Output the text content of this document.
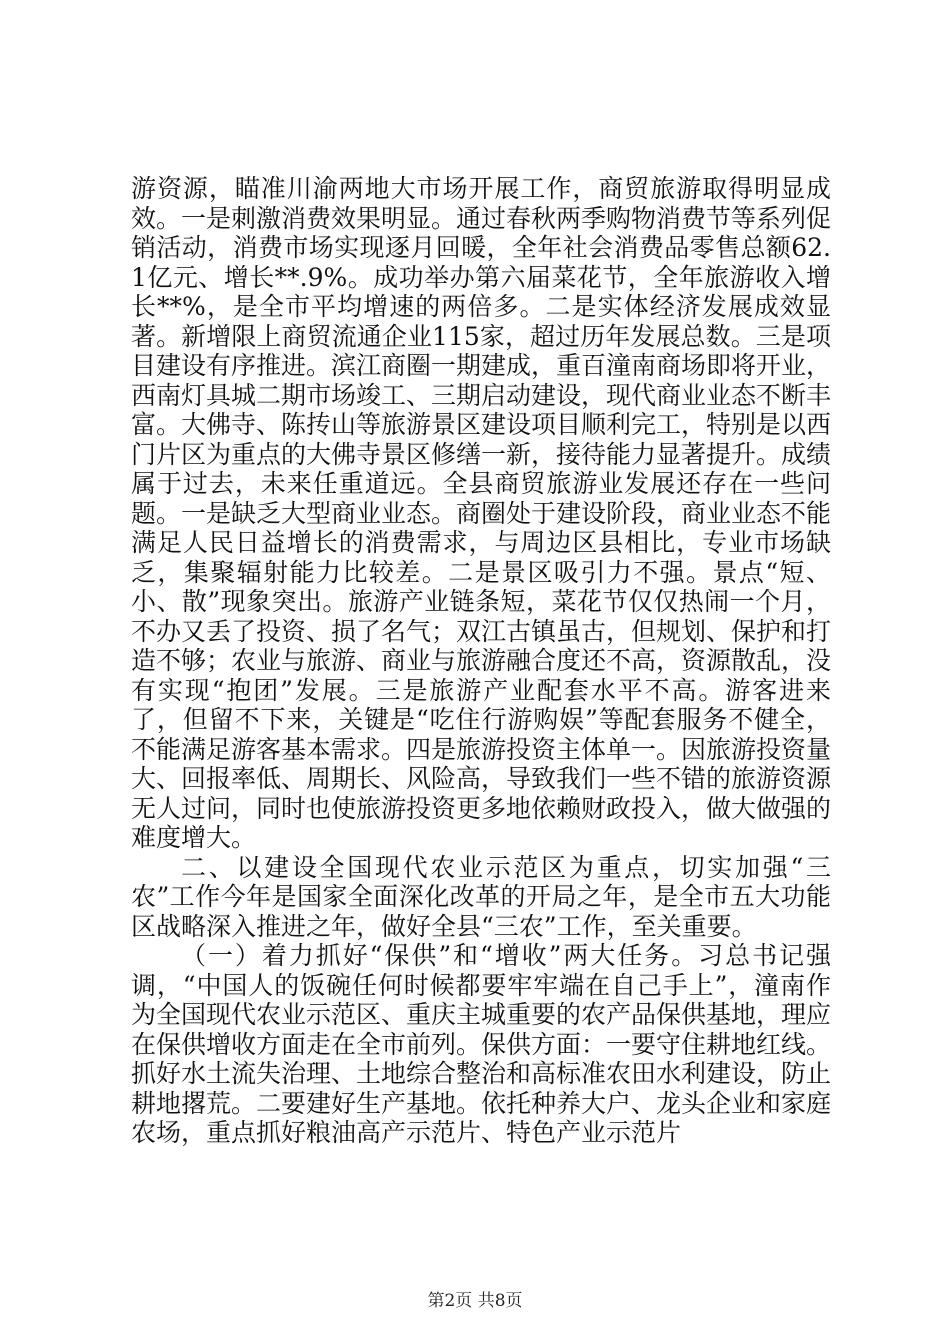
游资源，瞄准川渝两地大市场开展工作，商贸旅游取得明显成效。一是刺激消费效果明显。通过春秋两季购物消费节等系列促销活动，消费市场实现逐月回暖，全年社会消费品零售总额62.1亿元、增长**.9%。成功举办第六届菜花节，全年旅游收入增长**%，是全市平均增速的两倍多。二是实体经济发展成效显著。新增限上商贸流通企业115家，超过历年发展总数。三是项目建设有序推进。滨江商圈一期建成，重百潼南商场即将开业，西南灯具城二期市场竣工、三期启动建设，现代商业业态不断丰富。大佛寺、陈抟山等旅游景区建设项目顺利完工，特别是以西门片区为重点的大佛寺景区修缮一新，接待能力显著提升。成绩属于过去，未来任重道远。全县商贸旅游业发展还存在一些问题。一是缺乏大型商业业态。商圈处于建设阶段，商业业态不能满足人民日益增长的消费需求，与周边区县相比，专业市场缺乏，集聚辐射能力比较差。二是景区吸引力不强。景点“短、小、散”现象突出。旅游产业链条短，菜花节仅仅热闹一个月，不办又丢了投资、损了名气；双江古镇虽古，但规划、保护和打造不够；农业与旅游、商业与旅游融合度还不高，资源散乱，没有实现“抱团”发展。三是旅游产业配套水平不高。游客进来了，但留不下来，关键是“吃住行游购娱”等配套服务不健全，不能满足游客基本需求。四是旅游投资主体单一。因旅游投资量大、回报率低、周期长、风险高，导致我们一些不错的旅游资源无人过问，同时也使旅游投资更多地依赖财政投入，做大做强的难度增大。

二、以建设全国现代农业示范区为重点，切实加强“三农”工作今年是国家全面深化改革的开局之年，是全市五大功能区战略深入推进之年，做好全县“三农”工作，至关重要。

（一）着力抓好“保供”和“增收”两大任务。习总书记强调，“中国人的饭碗任何时候都要牢牢端在自己手上”，潼南作为全国现代农业示范区、重庆主城重要的农产品保供基地，理应在保供增收方面走在全市前列。保供方面：一要守住耕地红线。抓好水土流失治理、土地综合整治和高标准农田水利建设，防止耕地撂荒。二要建好生产基地。依托种养大户、龙头企业和家庭农场，重点抓好粮油高产示范片、特色产业示范片

第2页 共8页
